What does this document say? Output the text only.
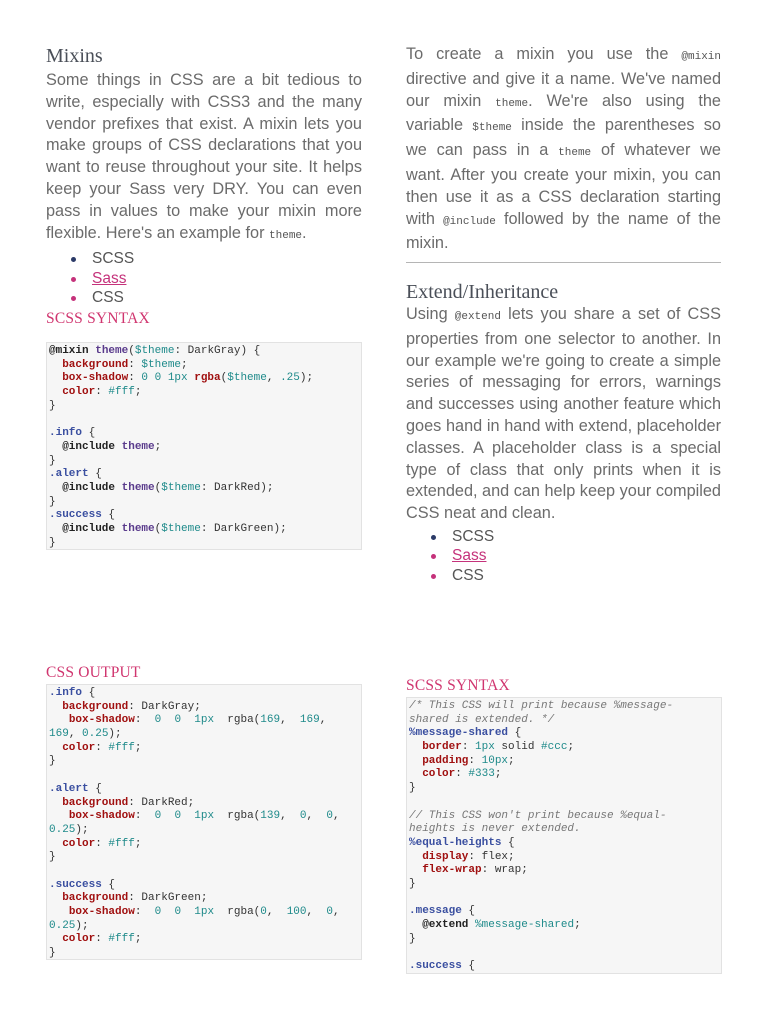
Mixins

Some things in CSS are a bit tedious to write, especially with CSS3 and the many vendor prefixes that exist. A mixin lets you make groups of CSS declarations that you want to reuse throughout your site. It helps keep your Sass very DRY. You can even pass in values to make your mixin more flexible. Here's an example for theme.

SCSS
Sass
CSS
SCSS SYNTAX
@mixin theme($theme: DarkGray) {
background: $theme;
box-shadow: 0 0 1px rgba($theme, .25);
color: #fff;
}
.info {
@include theme;
}
.alert {
@include theme($theme: DarkRed);
}
.success {
@include theme($theme: DarkGreen);
}
CSS OUTPUT
.info {
background: DarkGray;
box-shadow:  0  0  1px  rgba(169,  169,
169, 0.25);
color: #fff;
}
.alert {
background: DarkRed;
box-shadow:  0  0  1px  rgba(139,  0,  0,
0.25);
color: #fff;
}
.success {
background: DarkGreen;
box-shadow:  0  0  1px  rgba(0,  100,  0,
0.25);
color: #fff;
}

To create a mixin you use the @mixin directive and give it a name. We've named our mixin theme. We're also using the variable $theme inside the parentheses so we can pass in a theme of whatever we want. After you create your mixin, you can then use it as a CSS declaration starting with @include followed by the name of the mixin.

Extend/Inheritance

Using @extend lets you share a set of CSS properties from one selector to another. In our example we're going to create a simple series of messaging for errors, warnings and successes using another feature which goes hand in hand with extend, placeholder classes. A placeholder class is a special type of class that only prints when it is extended, and can help keep your compiled CSS neat and clean.

SCSS
Sass
CSS
SCSS SYNTAX
/* This CSS will print because %message-
shared is extended. */
%message-shared {
border: 1px solid #ccc;
padding: 10px;
color: #333;
}
// This CSS won't print because %equal-
heights is never extended.
%equal-heights {
display: flex;
flex-wrap: wrap;
}
.message {
@extend %message-shared;
}
.success {
